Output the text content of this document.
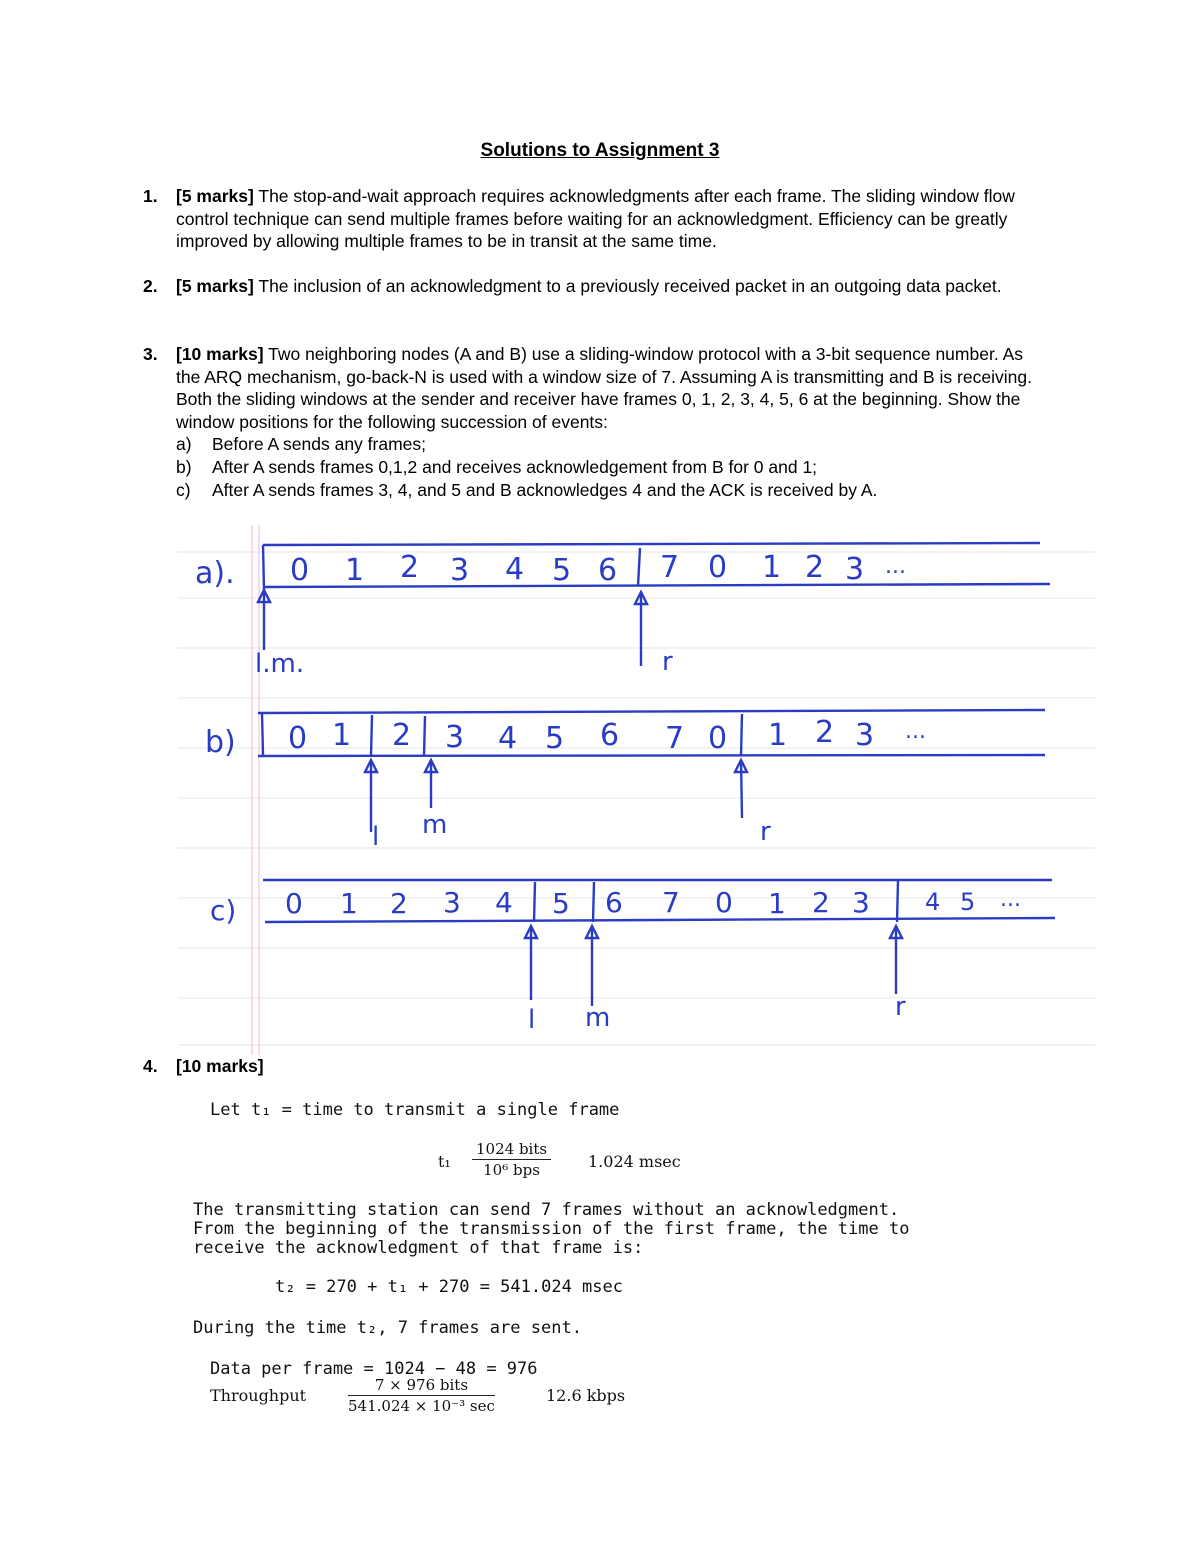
Solutions to Assignment 3
1. [5 marks] The stop-and-wait approach requires acknowledgments after each frame. The sliding window flow control technique can send multiple frames before waiting for an acknowledgment. Efficiency can be greatly improved by allowing multiple frames to be in transit at the same time.
2. [5 marks] The inclusion of an acknowledgment to a previously received packet in an outgoing data packet.
3. [10 marks] Two neighboring nodes (A and B) use a sliding-window protocol with a 3-bit sequence number. As the ARQ mechanism, go-back-N is used with a window size of 7. Assuming A is transmitting and B is receiving. Both the sliding windows at the sender and receiver have frames 0, 1, 2, 3, 4, 5, 6 at the beginning. Show the window positions for the following succession of events:
a) Before A sends any frames;
b) After A sends frames 0,1,2 and receives acknowledgement from B for 0 and 1;
c) After A sends frames 3, 4, and 5 and B acknowledges 4 and the ACK is received by A.
a). 0 1 2 3 4 5 6 7 0 1 2 3 ...
l.m.	r
b) 0 1 2 3 4 5 6 7 0 1 2 3 ...
l m	r
c) 0 1 2 3 4 5 6 7 0 1 2 3 4 5 ...
l m	r
4. [10 marks]
Let t₁ = time to transmit a single frame
t₁
1024 bits
10⁶ bps	1.024 msec
The transmitting station can send 7 frames without an acknowledgment.
From the beginning of the transmission of the first frame, the time to
receive the acknowledgment of that frame is:
t₂ = 270 + t₁ + 270 = 541.024 msec
During the time t₂, 7 frames are sent.
Data per frame = 1024 − 48 = 976
Throughput
7 × 976 bits
541.024 × 10⁻³ sec
12.6 kbps
